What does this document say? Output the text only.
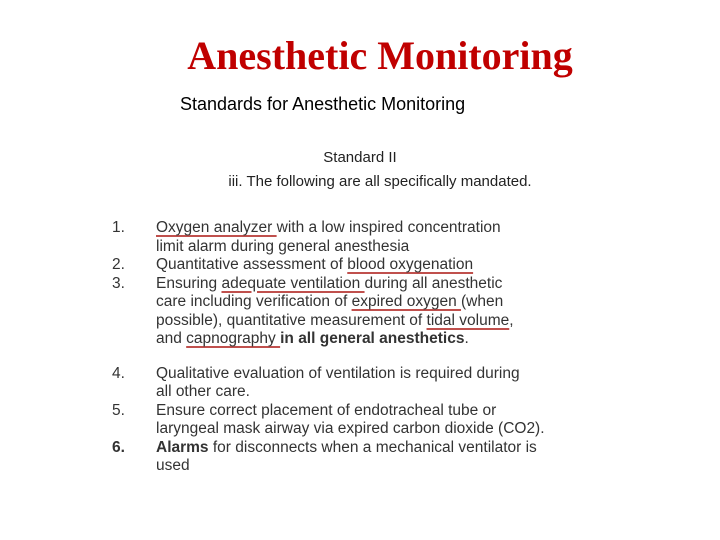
Anesthetic Monitoring
Standards for Anesthetic Monitoring
Standard II
iii. The following are all specifically mandated.
1.	Oxygen analyzer with a low inspired concentration
limit alarm during general anesthesia
2.	Quantitative assessment of blood oxygenation
3.	Ensuring adequate ventilation during all anesthetic
care including verification of expired oxygen (when
possible), quantitative measurement of tidal volume,
and capnography in all general anesthetics.
4.	Qualitative evaluation of ventilation is required during
all other care.
5.	Ensure correct placement of endotracheal tube or
laryngeal mask airway via expired carbon dioxide (CO2).
6.	Alarms for disconnects when a mechanical ventilator is
used
